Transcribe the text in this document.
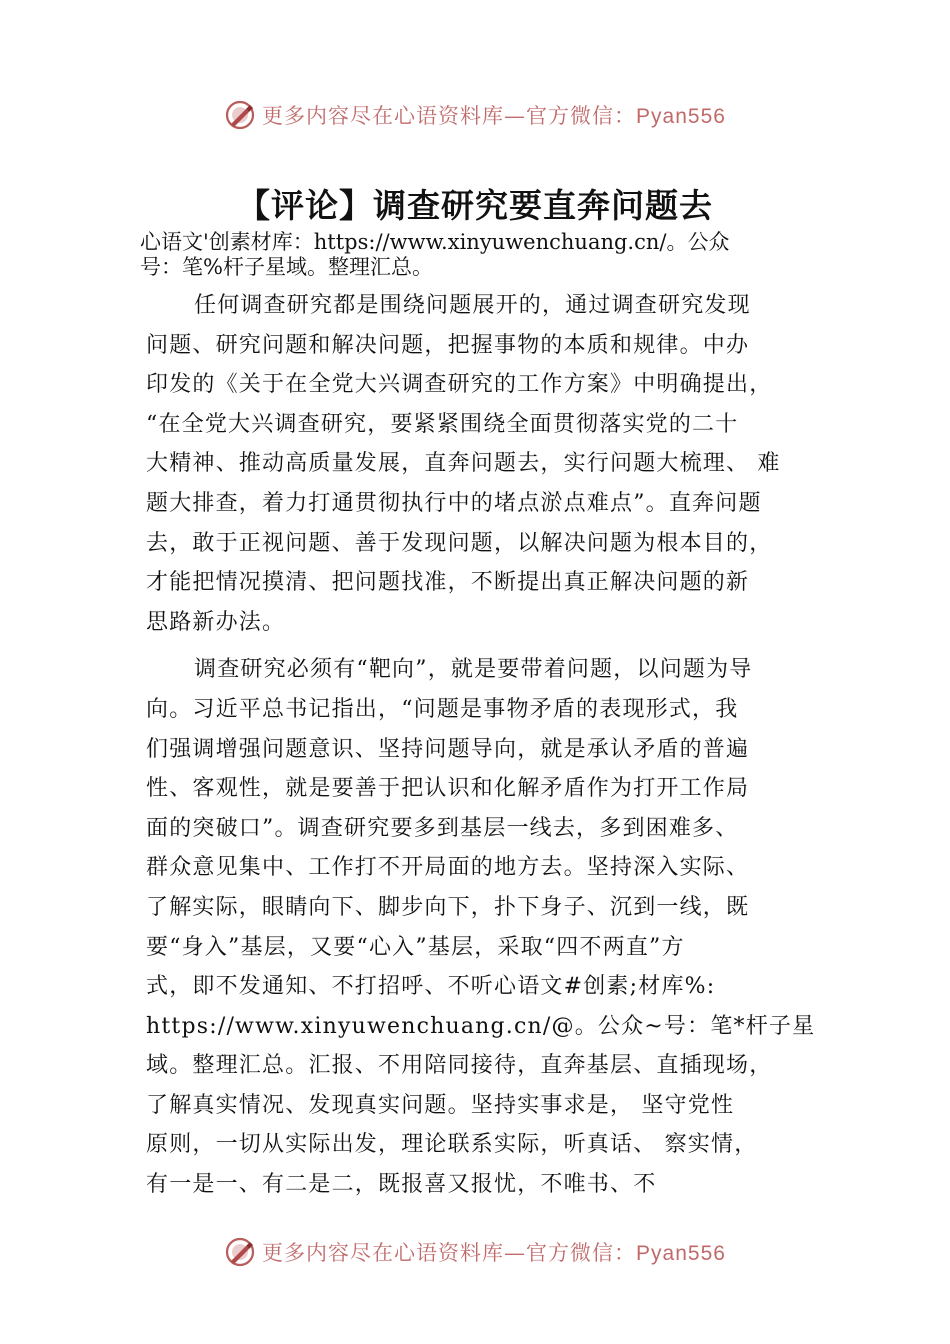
更多内容尽在心语资料库—官方微信：Pyan556
【评论】调查研究要直奔问题去
心语文'创素材库：https://www.xinyuwenchuang.cn/。公众
号：笔%杆子星域。整理汇总。
任何调查研究都是围绕问题展开的，通过调查研究发现
问题、研究问题和解决问题，把握事物的本质和规律。中办
印发的《关于在全党大兴调查研究的工作方案》中明确提出，
“在全党大兴调查研究，要紧紧围绕全面贯彻落实党的二十
大精神、推动高质量发展，直奔问题去，实行问题大梳理、 难
题大排查，着力打通贯彻执行中的堵点淤点难点”。直奔问题
去，敢于正视问题、善于发现问题，以解决问题为根本目的，
才能把情况摸清、把问题找准，不断提出真正解决问题的新
思路新办法。
调查研究必须有“靶向”，就是要带着问题，以问题为导
向。习近平总书记指出，“问题是事物矛盾的表现形式，我
们强调增强问题意识、坚持问题导向，就是承认矛盾的普遍
性、客观性，就是要善于把认识和化解矛盾作为打开工作局
面的突破口”。调查研究要多到基层一线去，多到困难多、
群众意见集中、工作打不开局面的地方去。坚持深入实际、
了解实际，眼睛向下、脚步向下，扑下身子、沉到一线，既
要“身入”基层，又要“心入”基层，采取“四不两直”方
式，即不发通知、不打招呼、不听心语文#创素;材库%:
https://www.xinyuwenchuang.cn/@。公众~号：笔*杆子星
域。整理汇总。汇报、不用陪同接待，直奔基层、直插现场，
了解真实情况、发现真实问题。坚持实事求是， 坚守党性
原则，一切从实际出发，理论联系实际，听真话、 察实情，
有一是一、有二是二，既报喜又报忧，不唯书、不
更多内容尽在心语资料库—官方微信：Pyan556
